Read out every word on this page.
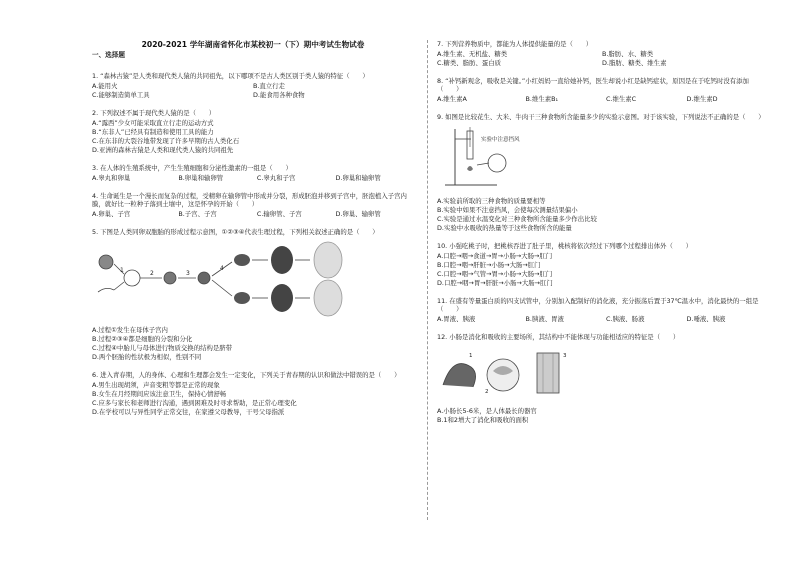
2020-2021 学年湖南省怀化市某校初一（下）期中考试生物试卷
一、选择题
1. “森林古猿”是人类和现代类人猿的共同祖先，以下哪项不是古人类区别于类人猿的特征（　　）
A.能用火	B.直立行走
C.能够制造简单工具	D.能食用各种食物
2. 下列叙述不属于现代类人猿的是（　　）
A.“露西”少女可能采取直立行走的运动方式
B.“东非人”已经具有制造和使用工具的能力
C.在东非的大裂谷地带发现了许多早期的古人类化石
D.亚洲的森林古猿是人类和现代类人猿的共同祖先
3. 在人体的生殖系统中，产生生殖细胞和分泌性激素的一组是（　　）
A.睾丸和卵巢	B.卵巢和输卵管	C.睾丸和子宫	D.卵巢和输卵管
4. 生命诞生是一个漫长而复杂的过程，受精卵在输卵管中形成并分裂，形成胚泡并移到子宫中，胚泡植入子宫内膜，就好比一粒种子落到土壤中，这是怀孕的开始（　　）
A.卵巢、子宫	B.子宫、子宫	C.输卵管、子宫	D.卵巢、输卵管
5. 下图是人类同卵双胞胎的形成过程示意图，①②③④代表生理过程，下列相关叙述正确的是（　　）
1	2	3
4
A.过程①发生在母体子宫内
B.过程②③④都是细胞的分裂和分化
C.过程④中胎儿与母体进行物质交换的结构是脐带
D.两个胚胎的性状极为相似，性别不同
6. 进入青春期，人的身体、心理和生理都会发生一定变化，下列关于青春期的认识和做法中错误的是（　　）
A.男生出现胡须，声音变粗等都是正常的现象
B.女生在月经期间应该注意卫生，保持心情舒畅
C.应多与家长和老师进行沟通，遇到困难及时寻求帮助，是正常心理变化
D.在学校可以与异性同学正常交往，在家遵父母教导，干号父母指派
7. 下列营养物质中，都能为人体提供能量的是（　　）
A.维生素、无机盐、糖类	B.脂肪、水、糖类
C.糖类、脂肪、蛋白质	D.脂肪、糖类、维生素
8. “补钙新观念，吸收是关键。”小红妈妈一直给她补钙，医生却说小红是缺钙症状，原因是在于吃钙时没有添加（　　）
A.维生素A	B.维生素B₁	C.维生素C	D.维生素D
9. 如图是比较花生、大米、牛肉干三种食物所含能量多少的实验示意图。对于该实验，下列说法不正确的是（　　）
实验中注意挡风
A.实验前所取的三种食物的质量要相等
B.实验中如果不注意挡风，会使每次测量结果偏小
C.实验是通过水温变化对三种食物所含能量多少作出比较
D.实验中水吸收的热量等于这些食物所含的能量
10. 小强吃桃子时，把桃核吞进了肚子里，桃核将依次经过下列哪个过程排出体外（　　）
A.口腔→咽→食道→胃→小肠→大肠→肛门
B.口腔→咽→肝脏→小肠→大肠→肛门
C.口腔→咽→气管→胃→小肠→大肠→肛门
D.口腔→咽→胃→肝脏→小肠→大肠→肛门
11. 在盛有等量蛋白质的四支试管中，分别加入配制好的消化液，充分振荡后置于37℃温水中，消化最快的一组是（　　）
A.胃液、胰液	B.胰液、胃液	C.胰液、肠液	D.唾液、胰液
12. 小肠是消化和吸收的主要场所，其结构中不能体现与功能相适应的特征是（　　）
1
2
3
A.小肠长5-6米，是人体最长的器官
B.1和2增大了消化和吸收的面积
